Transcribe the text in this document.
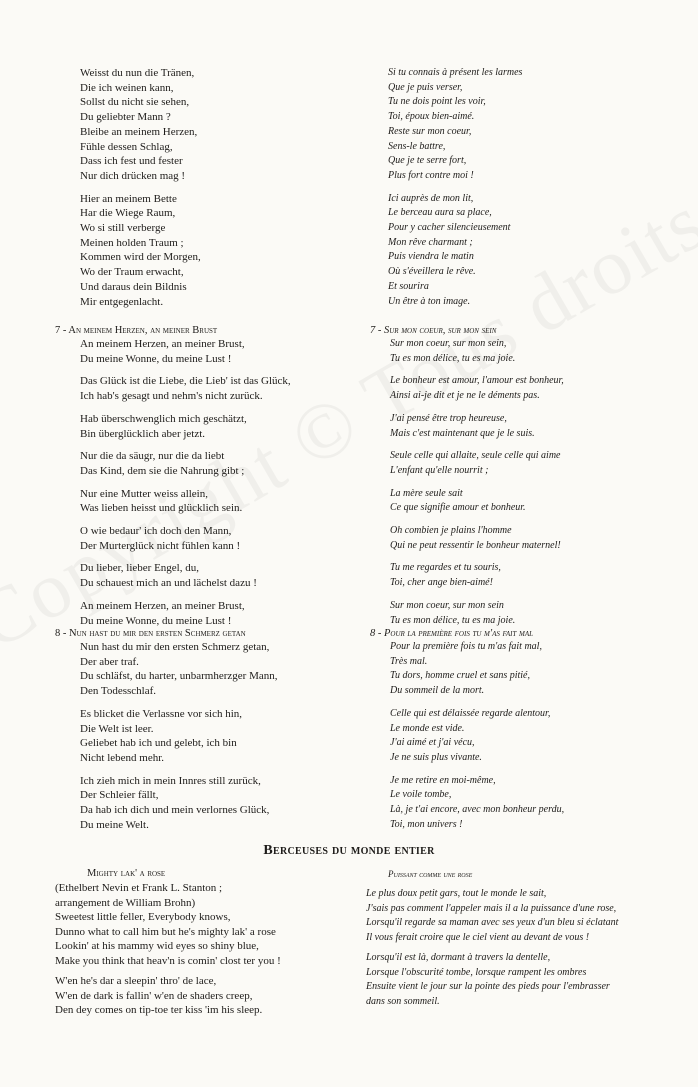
Weisst du nun die Tränen,
Die ich weinen kann,
Sollst du nicht sie sehen,
Du geliebter Mann ?
Bleibe an meinem Herzen,
Fühle dessen Schlag,
Dass ich fest und fester
Nur dich drücken mag !
Hier an meinem Bette
Har die Wiege Raum,
Wo si still verberge
Meinen holden Traum ;
Kommen wird der Morgen,
Wo der Traum erwacht,
Und daraus dein Bildnis
Mir entgegenlacht.
Si tu connais à présent les larmes
Que je puis verser,
Tu ne dois point les voir,
Toi, époux bien-aimé.
Reste sur mon coeur,
Sens-le battre,
Que je te serre fort,
Plus fort contre moi !
Ici auprès de mon lit,
Le berceau aura sa place,
Pour y cacher silencieusement
Mon rêve charmant ;
Puis viendra le matin
Où s'éveillera le rêve.
Et sourira
Un être à ton image.
7 - An meinem Herzen, an meiner Brust
An meinem Herzen, an meiner Brust,
Du meine Wonne, du meine Lust !
Das Glück ist die Liebe, die Lieb' ist das Glück,
Ich hab's gesagt und nehm's nicht zurück.
Hab überschwenglich mich geschätzt,
Bin überglücklich aber jetzt.
Nur die da säugr, nur die da liebt
Das Kind, dem sie die Nahrung gibt ;
Nur eine Mutter weiss allein,
Was lieben heisst und glücklich sein.
O wie bedaur' ich doch den Mann,
Der Murterglück nicht fühlen kann !
Du lieber, lieber Engel, du,
Du schauest mich an und lächelst dazu !
An meinem Herzen, an meiner Brust,
Du meine Wonne, du meine Lust !
7 - Sur mon coeur, sur mon sein
Sur mon coeur, sur mon sein,
Tu es mon délice, tu es ma joie.
Le bonheur est amour, l'amour est bonheur,
Ainsi ai-je dit et je ne le déments pas.
J'ai pensé être trop heureuse,
Mais c'est maintenant que je le suis.
Seule celle qui allaite, seule celle qui aime
L'enfant qu'elle nourrit ;
La mère seule sait
Ce que signifie amour et bonheur.
Oh combien je plains l'homme
Qui ne peut ressentir le bonheur maternel!
Tu me regardes et tu souris,
Toi, cher ange bien-aimé!
Sur mon coeur, sur mon sein
Tu es mon délice, tu es ma joie.
8 - Nun hast du mir den ersten Schmerz getan
Nun hast du mir den ersten Schmerz getan,
Der aber traf.
Du schläfst, du harter, unbarmherzger Mann,
Den Todesschlaf.
Es blicket die Verlassne vor sich hin,
Die Welt ist leer.
Geliebet hab ich und gelebt, ich bin
Nicht lebend mehr.
Ich zieh mich in mein Innres still zurück,
Der Schleier fällt,
Da hab ich dich und mein verlornes Glück,
Du meine Welt.
8 - Pour la première fois tu m'as fait mal
Pour la première fois tu m'as fait mal,
Très mal.
Tu dors, homme cruel et sans pitié,
Du sommeil de la mort.
Celle qui est délaissée regarde alentour,
Le monde est vide.
J'ai aimé et j'ai vécu,
Je ne suis plus vivante.
Je me retire en moi-même,
Le voile tombe,
Là, je t'ai encore, avec mon bonheur perdu,
Toi, mon univers !
Berceuses du monde entier
Mighty lak' a rose
(Ethelbert Nevin et Frank L. Stanton ;
arrangement de William Brohn)
Sweetest little feller, Everybody knows,
Dunno what to call him but he's mighty lak' a rose
Lookin' at his mammy wid eyes so shiny blue,
Make you think that heav'n is comin' clost ter you !
W'en he's dar a sleepin' thro' de lace,
W'en de dark is fallin' w'en de shaders creep,
Den dey comes on tip-toe ter kiss 'im his sleep.
Puissant comme une rose
Le plus doux petit gars, tout le monde le sait,
J'sais pas comment l'appeler mais il a la puissance d'une rose,
Lorsqu'il regarde sa maman avec ses yeux d'un bleu si éclatant
Il vous ferait croire que le ciel vient au devant de vous !
Lorsqu'il est là, dormant à travers la dentelle,
Lorsque l'obscurité tombe, lorsque rampent les ombres
Ensuite vient le jour sur la pointe des pieds pour l'embrasser
dans son sommeil.
